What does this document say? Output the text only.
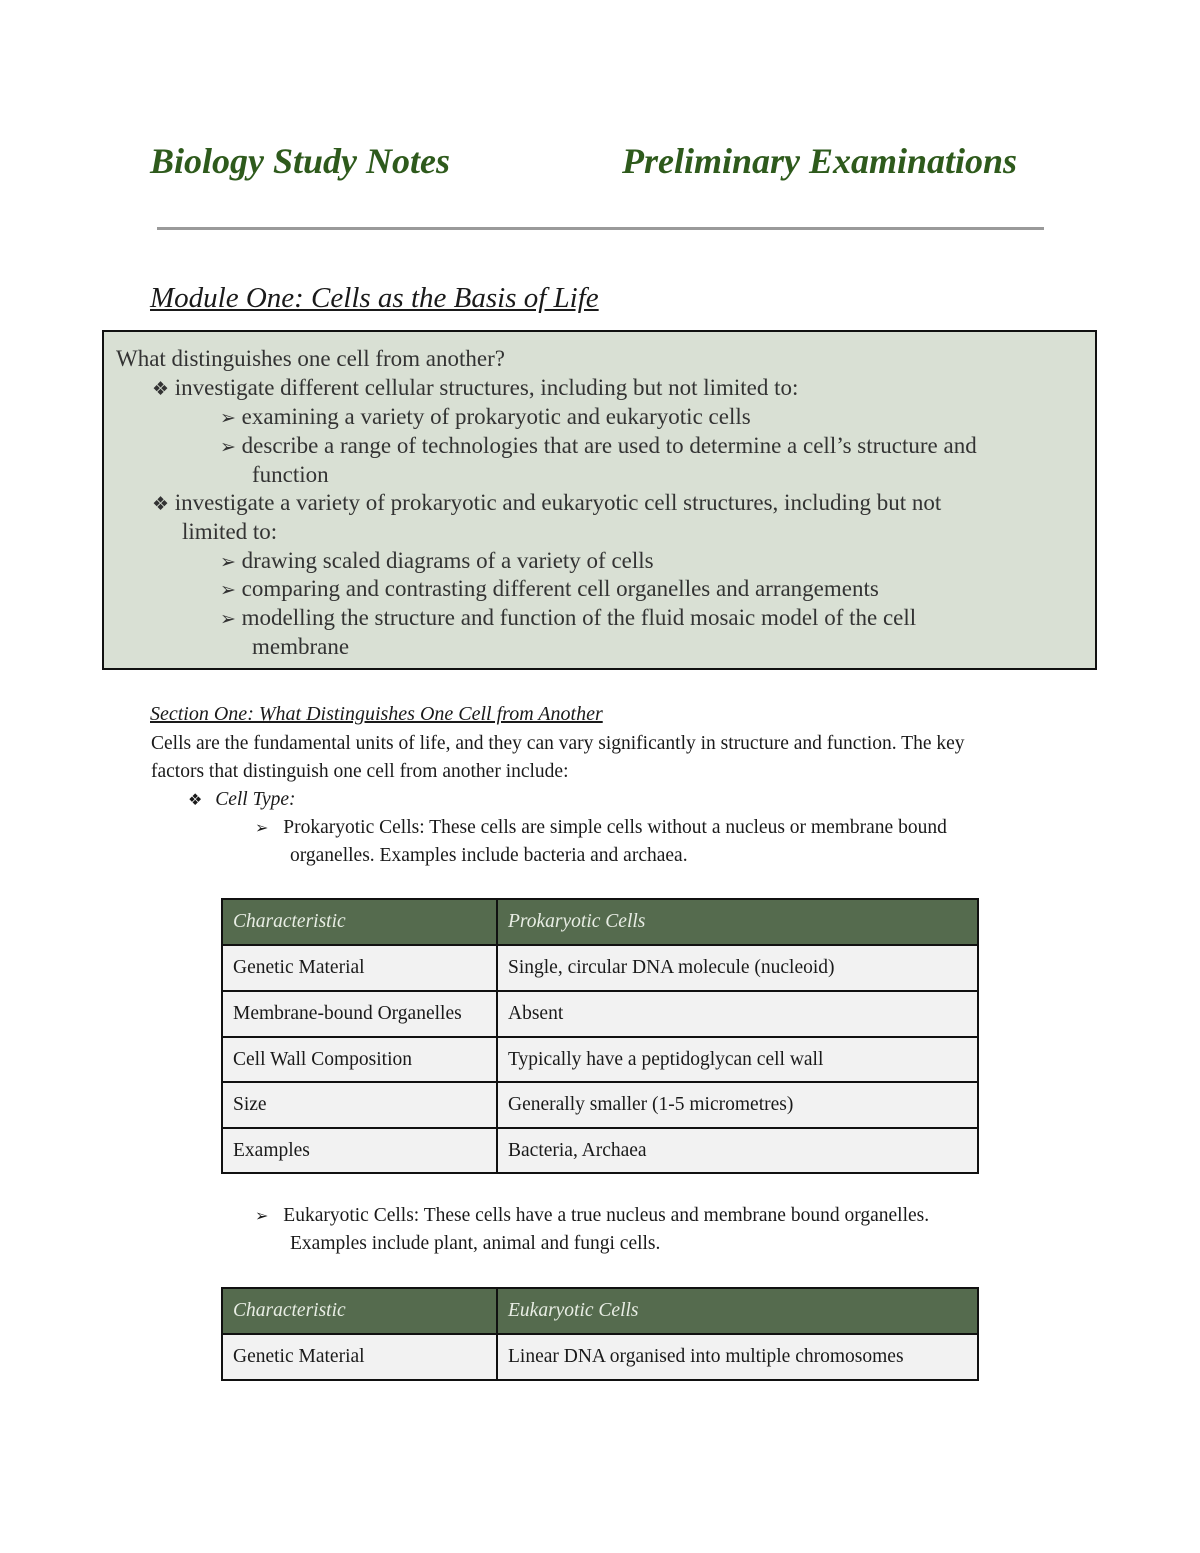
Biology Study Notes	Preliminary Examinations
Module One: Cells as the Basis of Life
What distinguishes one cell from another?
❖ investigate different cellular structures, including but not limited to:
➢ examining a variety of prokaryotic and eukaryotic cells
➢ describe a range of technologies that are used to determine a cell’s structure and
function
❖ investigate a variety of prokaryotic and eukaryotic cell structures, including but not
limited to:
➢ drawing scaled diagrams of a variety of cells
➢ comparing and contrasting different cell organelles and arrangements
➢ modelling the structure and function of the fluid mosaic model of the cell
membrane
Section One: What Distinguishes One Cell from Another
Cells are the fundamental units of life, and they can vary significantly in structure and function. The key
factors that distinguish one cell from another include:
❖ Cell Type:
➢ Prokaryotic Cells: These cells are simple cells without a nucleus or membrane bound
organelles. Examples include bacteria and archaea.
Characteristic	Prokaryotic Cells
Genetic Material	Single, circular DNA molecule (nucleoid)
Membrane-bound Organelles	Absent
Cell Wall Composition	Typically have a peptidoglycan cell wall
Size	Generally smaller (1-5 micrometres)
Examples	Bacteria, Archaea
➢ Eukaryotic Cells: These cells have a true nucleus and membrane bound organelles.
Examples include plant, animal and fungi cells.
Characteristic	Eukaryotic Cells
Genetic Material	Linear DNA organised into multiple chromosomes
